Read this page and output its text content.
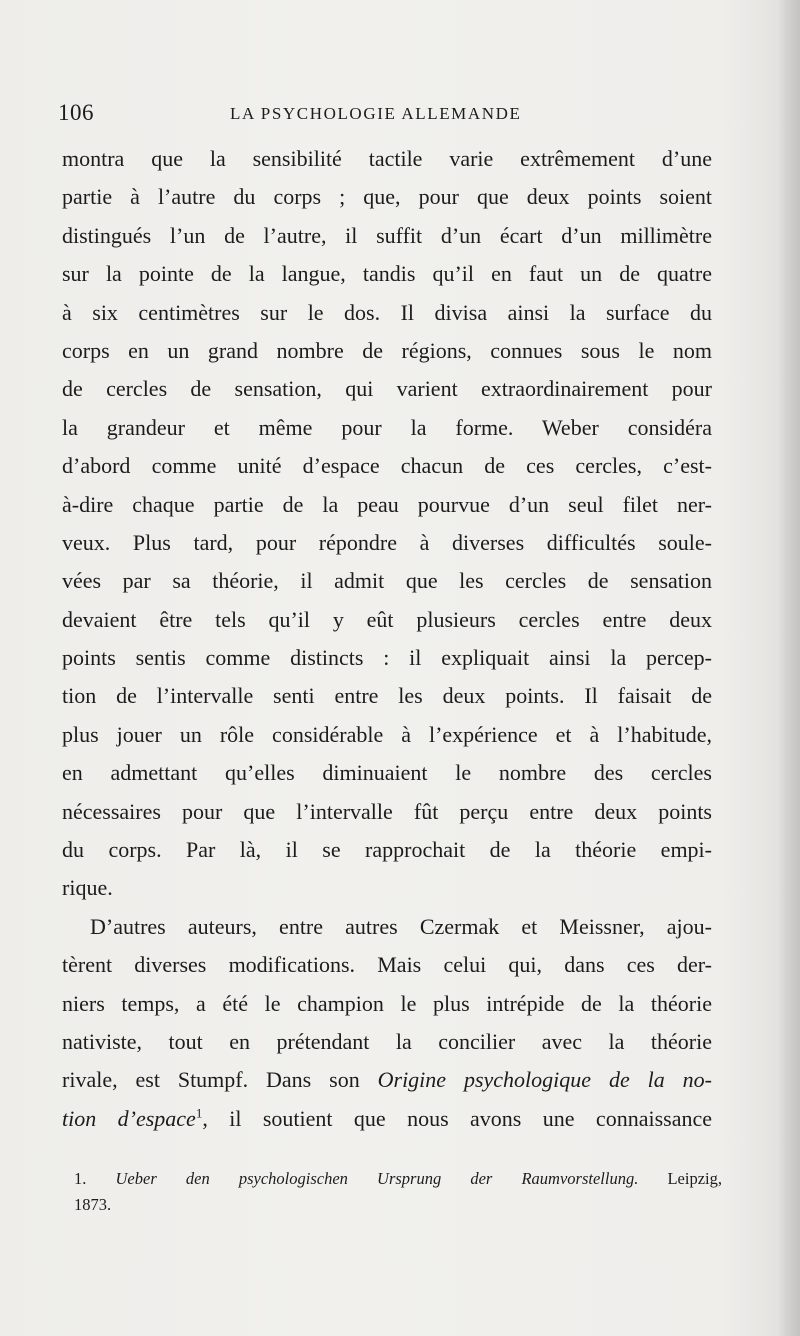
106	LA PSYCHOLOGIE ALLEMANDE
montra que la sensibilité tactile varie extrêmement d’une
partie à l’autre du corps ; que, pour que deux points soient
distingués l’un de l’autre, il suffit d’un écart d’un millimètre
sur la pointe de la langue, tandis qu’il en faut un de quatre
à six centimètres sur le dos. Il divisa ainsi la surface du
corps en un grand nombre de régions, connues sous le nom
de cercles de sensation, qui varient extraordinairement pour
la grandeur et même pour la forme. Weber considéra
d’abord comme unité d’espace chacun de ces cercles, c’est-
à-dire chaque partie de la peau pourvue d’un seul filet ner-
veux. Plus tard, pour répondre à diverses difficultés soule-
vées par sa théorie, il admit que les cercles de sensation
devaient être tels qu’il y eût plusieurs cercles entre deux
points sentis comme distincts : il expliquait ainsi la percep-
tion de l’intervalle senti entre les deux points. Il faisait de
plus jouer un rôle considérable à l’expérience et à l’habitude,
en admettant qu’elles diminuaient le nombre des cercles
nécessaires pour que l’intervalle fût perçu entre deux points
du corps. Par là, il se rapprochait de la théorie empi-
rique.
D’autres auteurs, entre autres Czermak et Meissner, ajou-
tèrent diverses modifications. Mais celui qui, dans ces der-
niers temps, a été le champion le plus intrépide de la théorie
nativiste, tout en prétendant la concilier avec la théorie
rivale, est Stumpf. Dans son Origine psychologique de la no-
tion d’espace$^1$, il soutient que nous avons une connaissance
1. Ueber den psychologischen Ursprung der Raumvorstellung. Leipzig,
1873.
